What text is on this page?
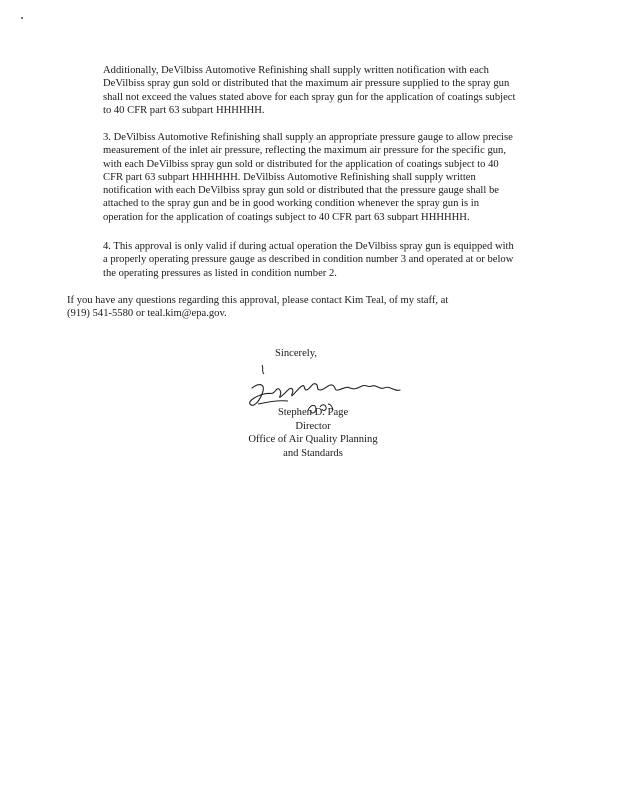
Additionally, DeVilbiss Automotive Refinishing shall supply written notification with each
DeVilbiss spray gun sold or distributed that the maximum air pressure supplied to the spray gun
shall not exceed the values stated above for each spray gun for the application of coatings subject
to 40 CFR part 63 subpart HHHHHH.

3. DeVilbiss Automotive Refinishing shall supply an appropriate pressure gauge to allow precise
measurement of the inlet air pressure, reflecting the maximum air pressure for the specific gun,
with each DeVilbiss spray gun sold or distributed for the application of coatings subject to 40
CFR part 63 subpart HHHHHH. DeVilbiss Automotive Refinishing shall supply written
notification with each DeVilbiss spray gun sold or distributed that the pressure gauge shall be
attached to the spray gun and be in good working condition whenever the spray gun is in
operation for the application of coatings subject to 40 CFR part 63 subpart HHHHHH.

4. This approval is only valid if during actual operation the DeVilbiss spray gun is equipped with
a properly operating pressure gauge as described in condition number 3 and operated at or below
the operating pressures as listed in condition number 2.

If you have any questions regarding this approval, please contact Kim Teal, of my staff, at
(919) 541-5580 or teal.kim@epa.gov.

Sincerely,
Stephen D. Page
Director
Office of Air Quality Planning
and Standards
